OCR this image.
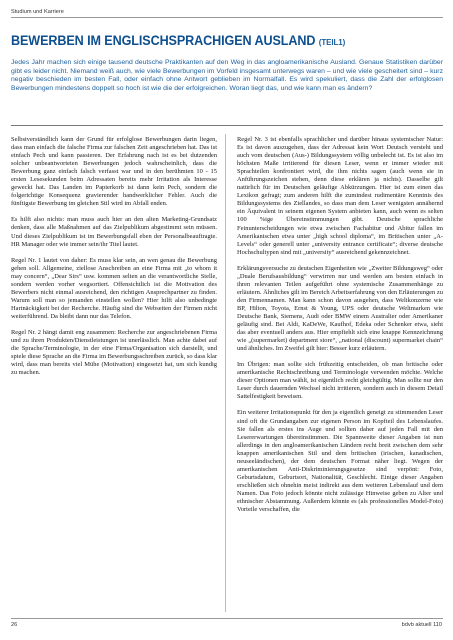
Studium und Karriere
BEWERBEN IM ENGLISCHSPRACHIGEN AUSLAND (TEIL1)
Jedes Jahr machen sich einige tausend deutsche Praktikanten auf den Weg in das angloamerikanische Ausland. Genaue Statistiken darüber gibt es leider nicht. Niemand weiß auch, wie viele Bewerbungen im Vorfeld insgesamt unterwegs waren – und wie viele gescheitert sind – kurz negativ beschieden im besten Fall, oder einfach ohne Antwort geblieben im Normalfall. Es wird spekuliert, dass die Zahl der erfolglosen Bewerbungen mindestens doppelt so hoch ist wie die der erfolgreichen. Woran liegt das, und wie kann man es ändern?

Selbstverständlich kann der Grund für erfolglose Bewerbungen darin liegen, dass man einfach die falsche Firma zur falschen Zeit angeschrieben hat. Das ist einfach Pech und kann passieren. Der Erfahrung nach ist es bei dutzenden solcher unbeantworteten Bewerbungen jedoch wahrscheinlich, dass die Bewerbung ganz einfach falsch verfasst war und in den berühmten 10 - 15 ersten Lesesekunden beim Adressaten bereits mehr Irritation als Interesse geweckt hat. Das Landen im Papierkorb ist dann kein Pech, sondern die folgerichtige Konsequenz gravierender handwerklicher Fehler. Auch die fünftigste Bewerbung im gleichen Stil wird im Abfall enden.

Es hilft also nichts: man muss auch hier an den alten Marketing-Grundsatz denken, dass alle Maßnahmen auf das Zielpublikum abgestimmt sein müssen. Und dieses Zielpublikum ist im Bewerbungsfall eben der Personalbeauftragte. HR Manager oder wie immer sein/ihr Titel lautet.

Regel Nr. 1 lautet von daher: Es muss klar sein, an wen genau die Bewerbung gehen soll. Allgemeine, ziellose Anschreiben an eine Firma mit „to whom it may concern“, „Dear Sirs“ usw. kommen selten an die verantwortliche Stelle, sondern werden vorher wegsortiert. Offensichtlich ist die Motivation des Bewerbers nicht einmal ausreichend, den richtigen Ansprechpartner zu finden. Warum soll man so jemanden einstellen wollen? Hier hilft also unbedingte Hartnäckigkeit bei der Recherche. Häufig sind die Webseiten der Firmen nicht weiterführend. Da bleibt dann nur das Telefon.

Regel Nr. 2 hängt damit eng zusammen: Recherche zur angeschriebenen Firma und zu ihren Produkten/Dienstleistungen ist unerlässlich. Man achte dabei auf die Sprache/Terminologie, in der eine Firma/Organisation sich darstellt, und spiele diese Sprache an die Firma im Bewerbungsschreiben zurück, so dass klar wird, dass man bereits viel Mühe (Motivation) eingesetzt hat, um sich kundig zu machen.

Regel Nr. 3 ist ebenfalls sprachlicher und darüber hinaus systemischer Natur: Es ist davon auszugehen, dass der Adressat kein Wort Deutsch versteht und auch vom deutschen (Aus-) Bildungssystem völlig unbelecht ist. Es ist also im höchsten Maße irritierend für diesen Leser, wenn er immer wieder mit Sprachteilen konfrontiert wird, die ihm nichts sagen (auch wenn sie in Anführungszeichen stehen, denn diese erklären ja nichts). Dasselbe gilt natürlich für im Deutschen geläufige Abkürzungen. Hier ist zum einen das Lexikon gefragt; zum anderen hilft die zumindest rudimentäre Kenntnis des Bildungssystems des Ziellandes, so dass man dem Leser wenigsten annähernd ein Äquivalent in seinem eigenen System anbieten kann, auch wenn es selten 100 %ige Übereinstimmungen gibt. Deutsche sprachliche Feinunterscheidungen wie etwa zwischen Fachabitur und Abitur fallen im Amerikanischen etwa unter „high school diploma“, im Britischen unter „A-Levels“ oder generell unter „university entrance certificate“; diverse deutsche Hochschultypen sind mit „university“ ausreichend gekennzeichnet.

Erklärungsversuche zu deutschen Eigenheiten wie „Zweiter Bildungsweg“ oder „Duale Berufsausbildung“ verwirren nur und werden am besten einfach in ihren relevanten Teilen aufgeführt ohne systemische Zusammenhänge zu erläutern. Ähnliches gilt im Bereich Arbeitserfahrung von den Erläuterungen zu den Firmennamen. Man kann schon davon ausgehen, dass Weltkonzerne wie BP, Hilton, Toyota, Ernst & Young, UPS oder deutsche Weltmarken wie Deutsche Bank, Siemens, Audi oder BMW einem Australier oder Amerikaner geläufig sind. Bei Aldi, KaDeWe, Kaufhof, Edeka oder Schenker etwa, sieht das aber eventuell anders aus. Hier empfiehlt sich eine knappe Kennzeichnung wie „(supermarket) department store“, „national (discount) supermarket chain“ und ähnliches. Im Zweifel gilt hier: Besser kurz erläutern.

Im Übrigen: man sollte sich frühzeitig entscheiden, ob man britische oder amerikanische Rechtschreibung und Terminologie verwenden möchte. Welche dieser Optionen man wählt, ist eigentlich recht gleichgültig. Man sollte nur den Leser durch dauernden Wechsel nicht irritieren, sondern auch in diesem Detail Sattelfestigkeit beweisen.

Ein weiterer Irritationspunkt für den ja eigentlich geneigt zu stimmenden Leser sind oft die Grundangaben zur eigenen Person im Kopfteil des Lebenslaufes. Sie fallen als erstes ins Auge und sollten daher auf jeden Fall mit den Lesererwartungen übereinstimmen. Die Spannweite dieser Angaben ist nun allerdings in den angloamerikanischen Ländern recht breit zwischen dem sehr knappen amerikanischen Stil und dem britischen (irischen, kanadischen, neuseeländischen), der dem deutschen Format näher liegt. Wegen der amerikanischen Anti-Diskriminierungsgesetze sind verpönt: Foto, Geburtsdatum, Geburtsort, Nationalität, Geschlecht. Einige dieser Angaben erschließen sich ohnehin meist indirekt aus dem weiteren Lebenslauf und dem Namen. Das Foto jedoch könnte nicht zulässige Hinweise geben zu Alter und ethnischer Abstammung. Außerdem könnte es (als professionelles Model-Foto) Vorteile verschaffen, die

26	bdvb aktuell 110
